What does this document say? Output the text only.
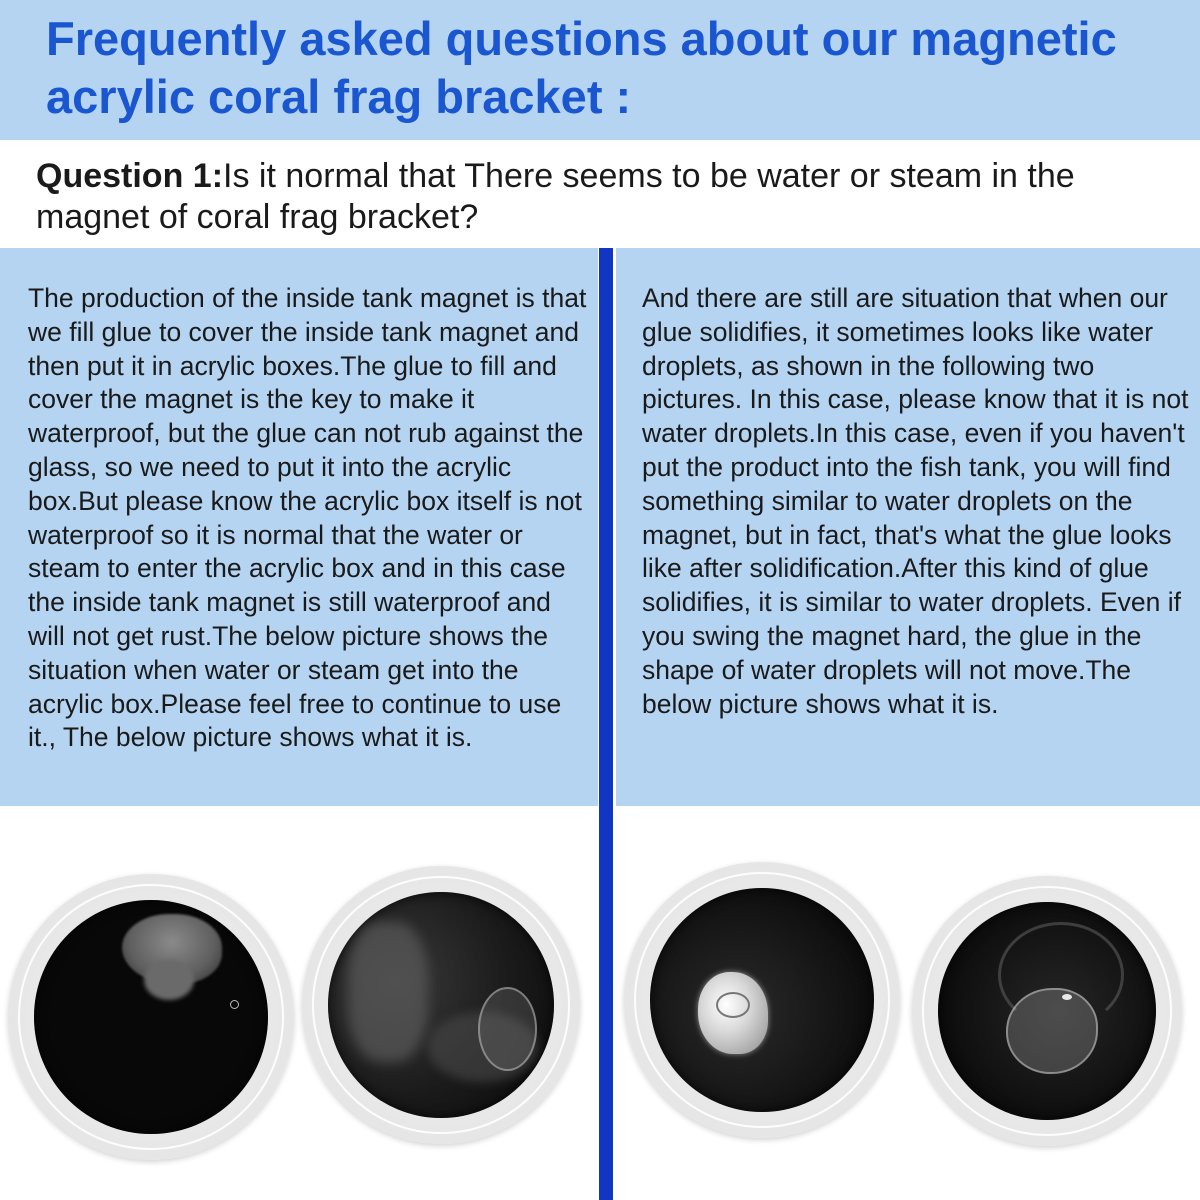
Frequently asked questions about our magnetic acrylic coral frag bracket :

Question 1:Is it normal that There seems to be water or steam in the magnet of coral frag bracket?

The production of the inside tank magnet is that we fill glue to cover the inside tank magnet and then put it in acrylic boxes.The glue to fill and cover the magnet is the key to make it waterproof, but the glue can not rub against the glass, so we need to put it into the acrylic box.But please know the acrylic box itself is not waterproof so it is normal that the water or steam to enter the acrylic box and in this case the inside tank magnet is still waterproof and will not get rust.The below picture shows the situation when water or steam get into the acrylic box.Please feel free to continue to use it., The below picture shows what it is.

And there are still are situation that when our glue solidifies, it sometimes looks like water droplets, as shown in the following two pictures. In this case, please know that it is not water droplets.In this case, even if you haven't put the product into the fish tank, you will find something similar to water droplets on the magnet, but in fact, that's what the glue looks like after solidification.After this kind of glue solidifies, it is similar to water droplets. Even if you swing the magnet hard, the glue in the shape of water droplets will not move.The below picture shows what it is.
